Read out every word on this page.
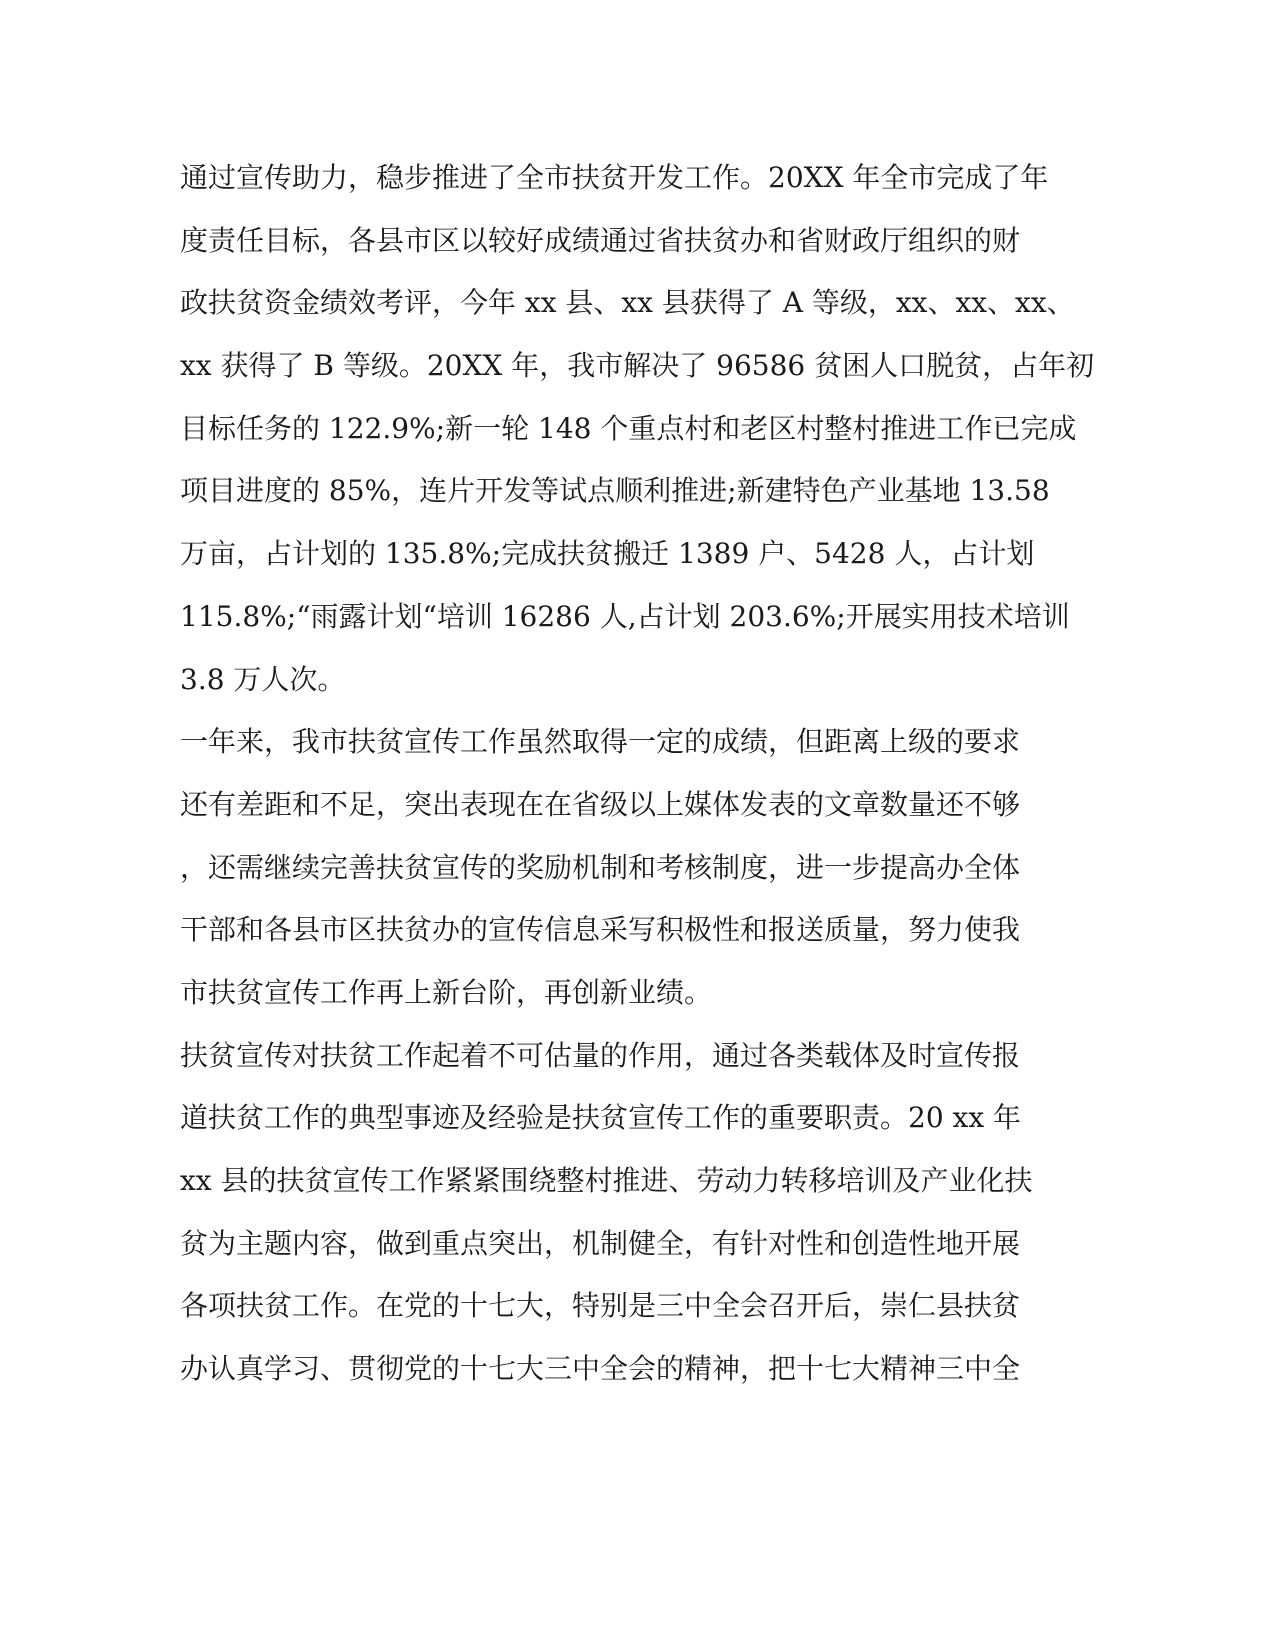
通过宣传助力，稳步推进了全市扶贫开发工作。20XX 年全市完成了年
度责任目标，各县市区以较好成绩通过省扶贫办和省财政厅组织的财
政扶贫资金绩效考评，今年 xx 县、xx 县获得了 A 等级，xx、xx、xx、
xx 获得了 B 等级。20XX 年，我市解决了 96586 贫困人口脱贫，占年初
目标任务的 122.9%;新一轮 148 个重点村和老区村整村推进工作已完成
项目进度的 85%，连片开发等试点顺利推进;新建特色产业基地 13.58
万亩，占计划的 135.8%;完成扶贫搬迁 1389 户、5428 人，占计划
115.8%;“雨露计划“培训 16286 人,占计划 203.6%;开展实用技术培训
3.8 万人次。
一年来，我市扶贫宣传工作虽然取得一定的成绩，但距离上级的要求
还有差距和不足，突出表现在在省级以上媒体发表的文章数量还不够
，还需继续完善扶贫宣传的奖励机制和考核制度，进一步提高办全体
干部和各县市区扶贫办的宣传信息采写积极性和报送质量，努力使我
市扶贫宣传工作再上新台阶，再创新业绩。
扶贫宣传对扶贫工作起着不可估量的作用，通过各类载体及时宣传报
道扶贫工作的典型事迹及经验是扶贫宣传工作的重要职责。20 xx 年
xx 县的扶贫宣传工作紧紧围绕整村推进、劳动力转移培训及产业化扶
贫为主题内容，做到重点突出，机制健全，有针对性和创造性地开展
各项扶贫工作。在党的十七大，特别是三中全会召开后，崇仁县扶贫
办认真学习、贯彻党的十七大三中全会的精神，把十七大精神三中全
